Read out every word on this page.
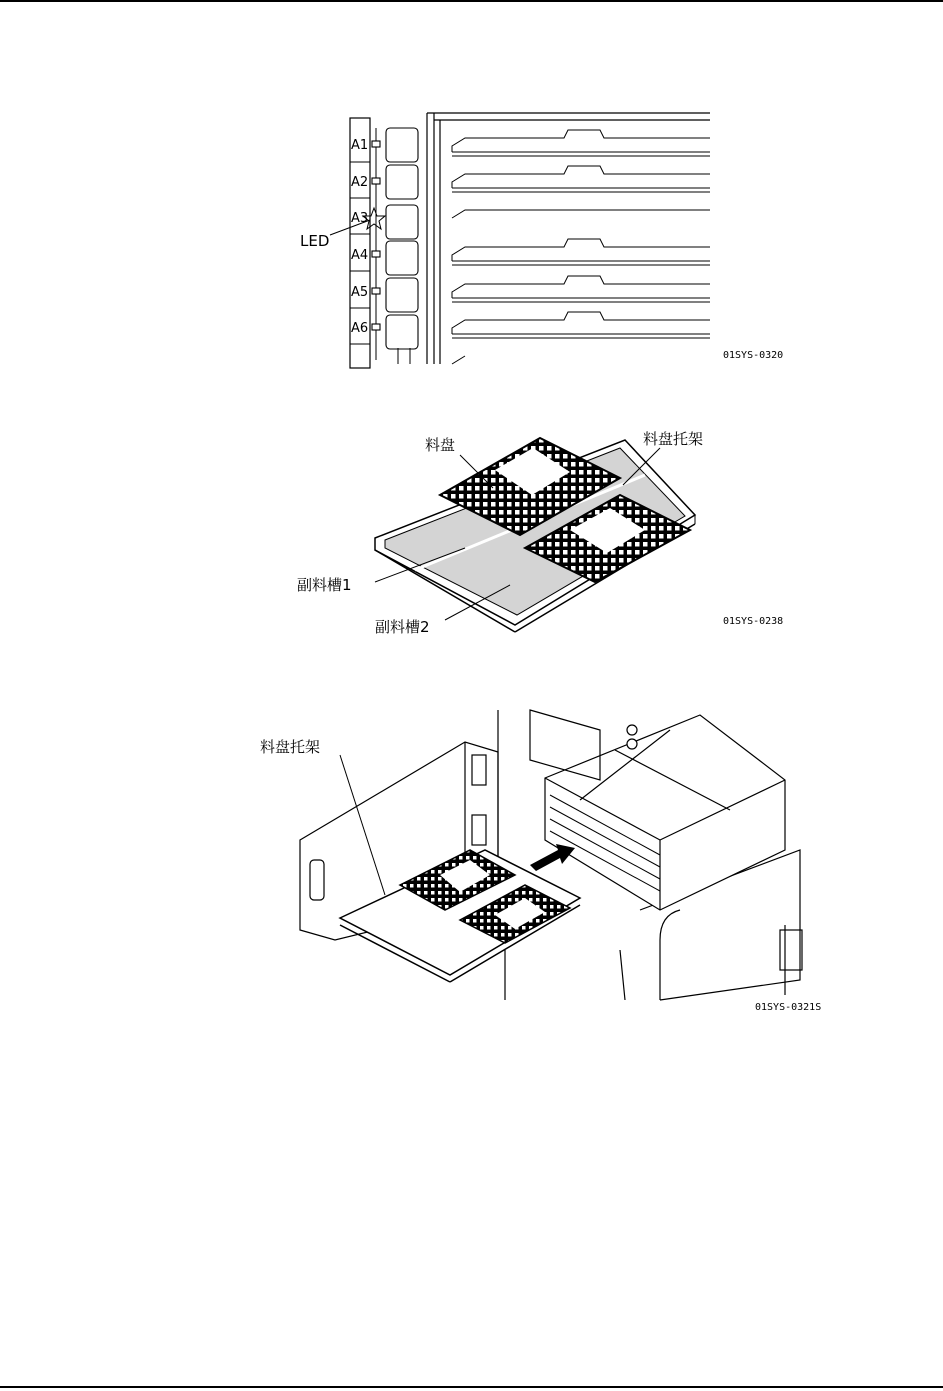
A1
A2
A3
A4
A5
A6
LED
01SYS-0320
料盘	料盘托架
副料槽1
副料槽2	01SYS-0238
料盘托架
01SYS-0321S
